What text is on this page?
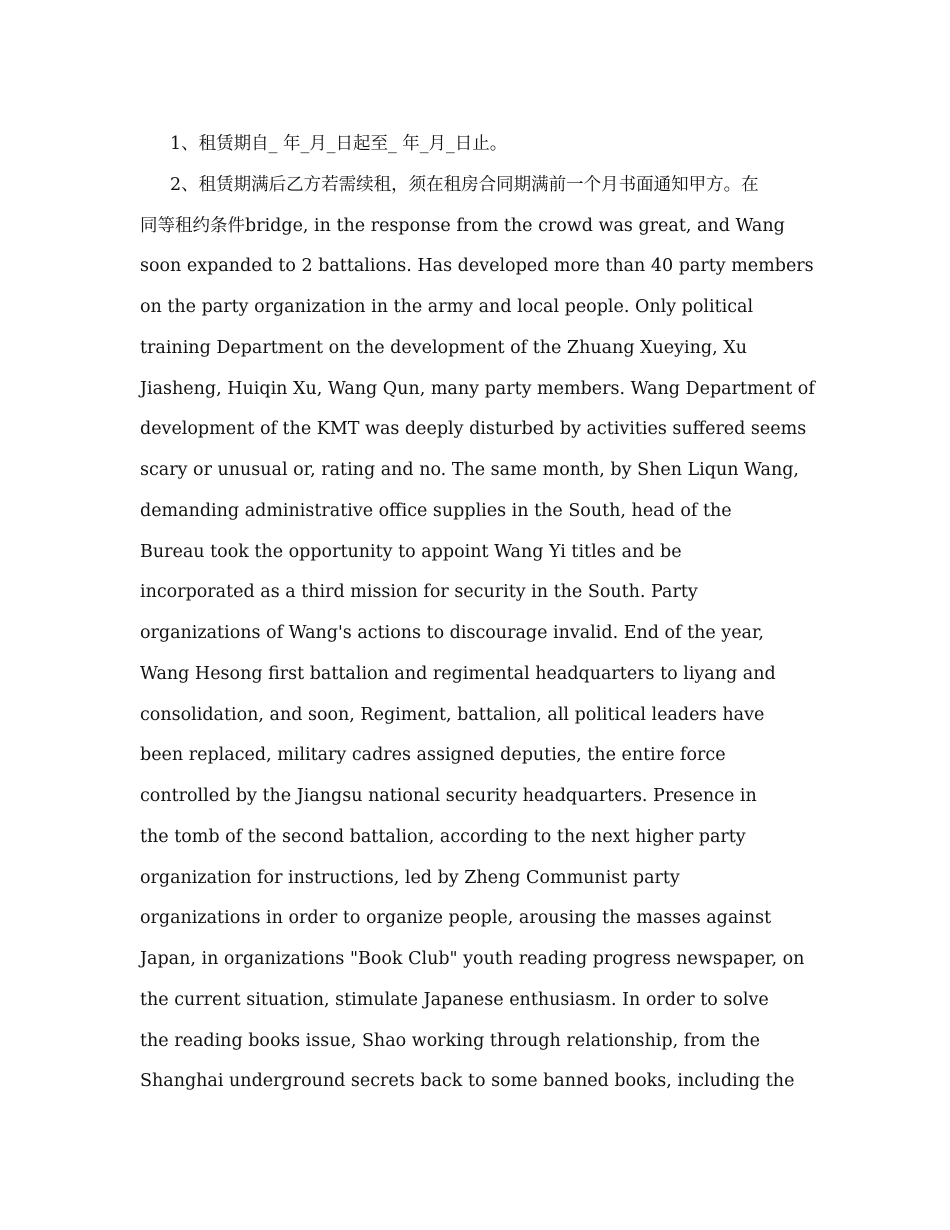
1、租赁期自_ 年_月_日起至_ 年_月_日止。
2、租赁期满后乙方若需续租，须在租房合同期满前一个月书面通知甲方。在
同等租约条件bridge, in the response from the crowd was great, and Wang
soon expanded to 2 battalions. Has developed more than 40 party members
on the party organization in the army and local people. Only political
training Department on the development of the Zhuang Xueying, Xu
Jiasheng, Huiqin Xu, Wang Qun, many party members. Wang Department of
development of the KMT was deeply disturbed by activities suffered seems
scary or unusual or, rating and no. The same month, by Shen Liqun Wang,
demanding administrative office supplies in the South, head of the
Bureau took the opportunity to appoint Wang Yi titles and be
incorporated as a third mission for security in the South. Party
organizations of Wang's actions to discourage invalid. End of the year,
Wang Hesong first battalion and regimental headquarters to liyang and
consolidation, and soon, Regiment, battalion, all political leaders have
been replaced, military cadres assigned deputies, the entire force
controlled by the Jiangsu national security headquarters. Presence in
the tomb of the second battalion, according to the next higher party
organization for instructions, led by Zheng Communist party
organizations in order to organize people, arousing the masses against
Japan, in organizations "Book Club" youth reading progress newspaper, on
the current situation, stimulate Japanese enthusiasm. In order to solve
the reading books issue, Shao working through relationship, from the
Shanghai underground secrets back to some banned books, including the
